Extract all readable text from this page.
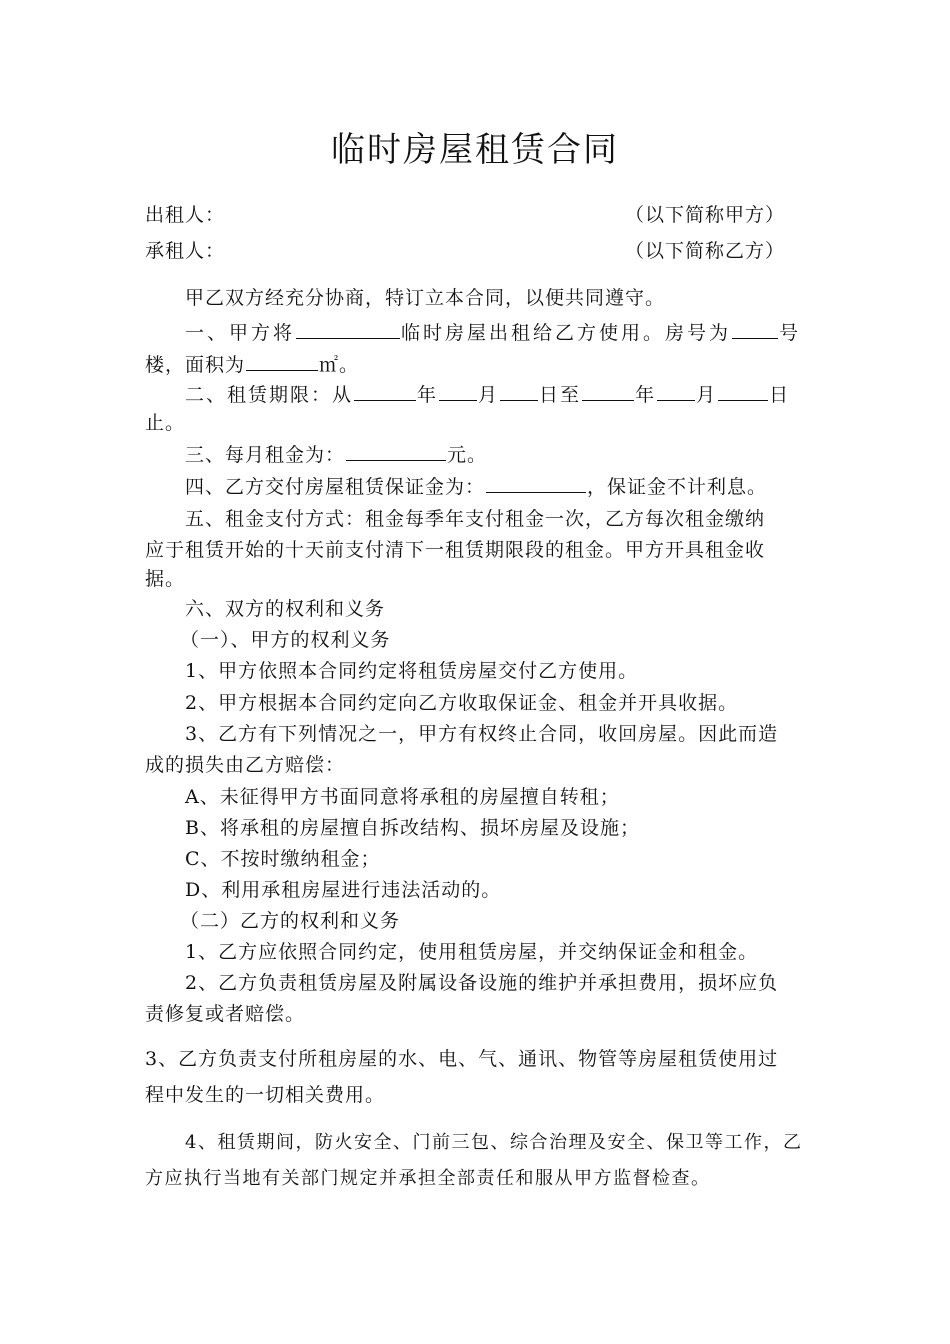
临时房屋租赁合同
出租人：	（以下简称甲方）
承租人：	（以下简称乙方）
甲乙双方经充分协商，特订立本合同，以便共同遵守。
一、甲方将	临时房屋出租给乙方使用。房号为	号
楼，面积为	㎡。
二、租赁期限：从	年 月 日至	年 月	日
止。
三、每月租金为：	元。
四、乙方交付房屋租赁保证金为：	，保证金不计利息。
五、租金支付方式：租金每季年支付租金一次，乙方每次租金缴纳
应于租赁开始的十天前支付清下一租赁期限段的租金。甲方开具租金收
据。
六、双方的权利和义务
（一）、甲方的权利义务
1、甲方依照本合同约定将租赁房屋交付乙方使用。
2、甲方根据本合同约定向乙方收取保证金、租金并开具收据。
3、乙方有下列情况之一，甲方有权终止合同，收回房屋。因此而造
成的损失由乙方赔偿：
A、未征得甲方书面同意将承租的房屋擅自转租；
B、将承租的房屋擅自拆改结构、损坏房屋及设施；
C、不按时缴纳租金；
D、利用承租房屋进行违法活动的。
（二）乙方的权利和义务
1、乙方应依照合同约定，使用租赁房屋，并交纳保证金和租金。
2、乙方负责租赁房屋及附属设备设施的维护并承担费用，损坏应负
责修复或者赔偿。
3、乙方负责支付所租房屋的水、电、气、通讯、物管等房屋租赁使用过
程中发生的一切相关费用。
4、租赁期间，防火安全、门前三包、综合治理及安全、保卫等工作，乙
方应执行当地有关部门规定并承担全部责任和服从甲方监督检查。
